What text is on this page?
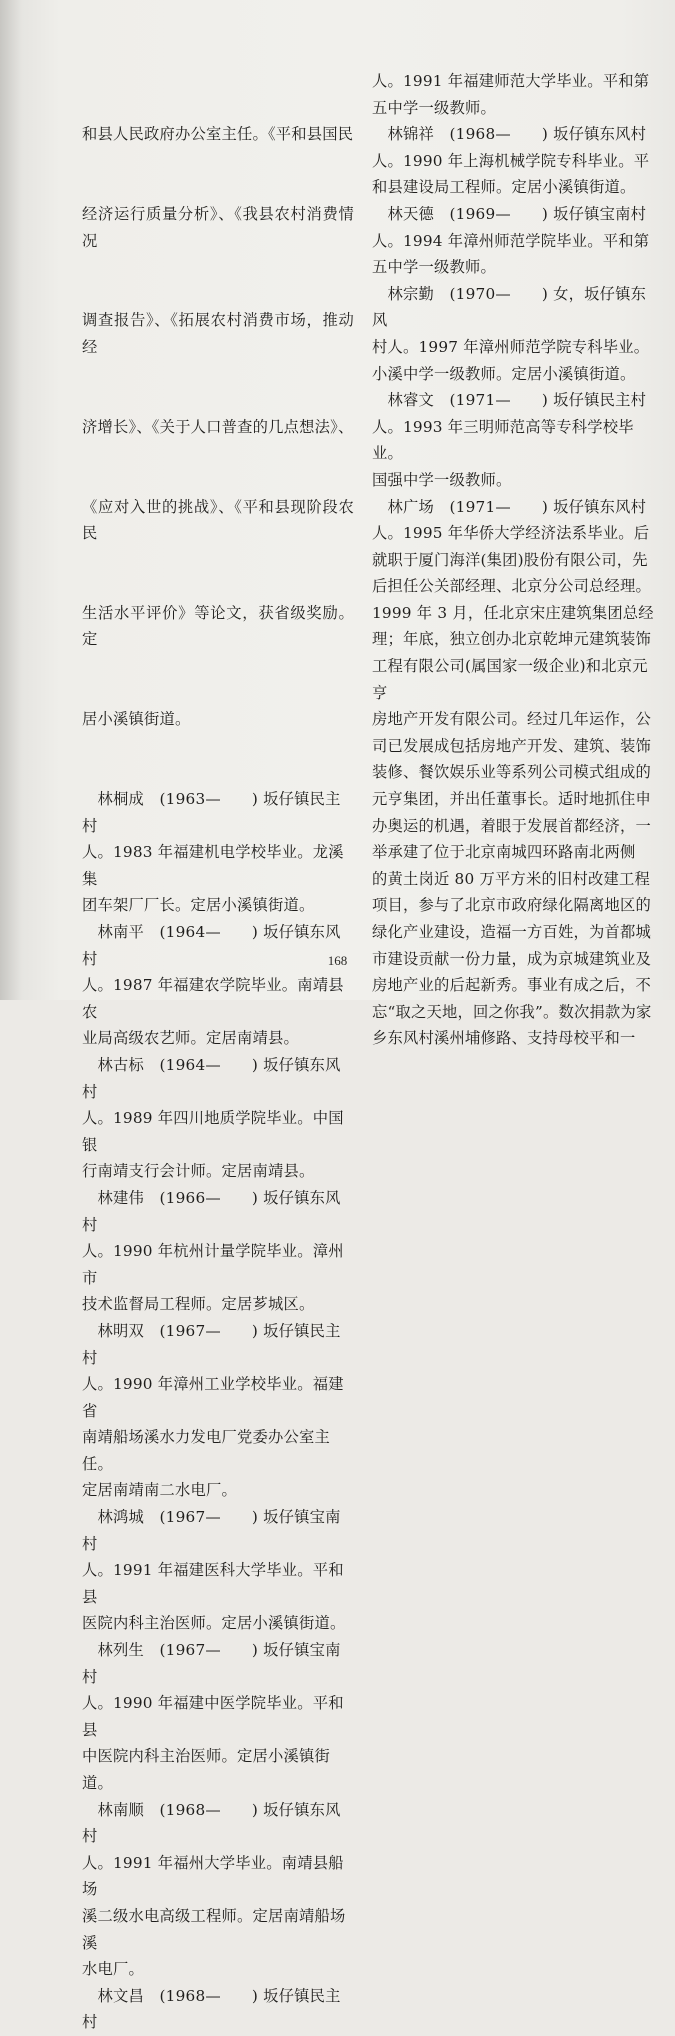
和县人民政府办公室主任。《平和县国民

经济运行质量分析》、《我县农村消费情况

调查报告》、《拓展农村消费市场，推动经

济增长》、《关于人口普查的几点想法》、

《应对入世的挑战》、《平和县现阶段农民

生活水平评价》等论文，获省级奖励。定

居小溪镇街道。

　林桐成　(1963—　　) 坂仔镇民主村
人。1983 年福建机电学校毕业。龙溪集
团车架厂厂长。定居小溪镇街道。
　林南平　(1964—　　) 坂仔镇东风村
人。1987 年福建农学院毕业。南靖县农
业局高级农艺师。定居南靖县。
　林古标　(1964—　　) 坂仔镇东风村
人。1989 年四川地质学院毕业。中国银
行南靖支行会计师。定居南靖县。
　林建伟　(1966—　　) 坂仔镇东风村
人。1990 年杭州计量学院毕业。漳州市
技术监督局工程师。定居芗城区。
　林明双　(1967—　　) 坂仔镇民主村
人。1990 年漳州工业学校毕业。福建省
南靖船场溪水力发电厂党委办公室主任。
定居南靖南二水电厂。
　林鸿城　(1967—　　) 坂仔镇宝南村
人。1991 年福建医科大学毕业。平和县
医院内科主治医师。定居小溪镇街道。
　林列生　(1967—　　) 坂仔镇宝南村
人。1990 年福建中医学院毕业。平和县
中医院内科主治医师。定居小溪镇街道。
　林南顺　(1968—　　) 坂仔镇东风村
人。1991 年福州大学毕业。南靖县船场
溪二级水电高级工程师。定居南靖船场溪
水电厂。
　林文昌　(1968—　　) 坂仔镇民主村
人。1991 年福建师范大学毕业。平和第
五中学一级教师。
　林锦祥　(1968—　　) 坂仔镇东风村
人。1990 年上海机械学院专科毕业。平
和县建设局工程师。定居小溪镇街道。
　林天德　(1969—　　) 坂仔镇宝南村
人。1994 年漳州师范学院毕业。平和第
五中学一级教师。
　林宗勤　(1970—　　) 女，坂仔镇东风
村人。1997 年漳州师范学院专科毕业。
小溪中学一级教师。定居小溪镇街道。
　林睿文　(1971—　　) 坂仔镇民主村
人。1993 年三明师范高等专科学校毕业。
国强中学一级教师。
　林广场　(1971—　　) 坂仔镇东风村
人。1995 年华侨大学经济法系毕业。后
就职于厦门海洋(集团)股份有限公司，先
后担任公关部经理、北京分公司总经理。
1999 年 3 月，任北京宋庄建筑集团总经
理；年底，独立创办北京乾坤元建筑装饰
工程有限公司(属国家一级企业)和北京元亨
房地产开发有限公司。经过几年运作，公
司已发展成包括房地产开发、建筑、装饰
装修、餐饮娱乐业等系列公司模式组成的
元亨集团，并出任董事长。适时地抓住申
办奥运的机遇，着眼于发展首都经济，一
举承建了位于北京南城四环路南北两侧
的黄土岗近 80 万平方米的旧村改建工程
项目，参与了北京市政府绿化隔离地区的
绿化产业建设，造福一方百姓，为首都城
市建设贡献一份力量，成为京城建筑业及
房地产业的后起新秀。事业有成之后，不
忘“取之天地，回之你我”。数次捐款为家
乡东风村溪州埔修路、支持母校平和一
168
